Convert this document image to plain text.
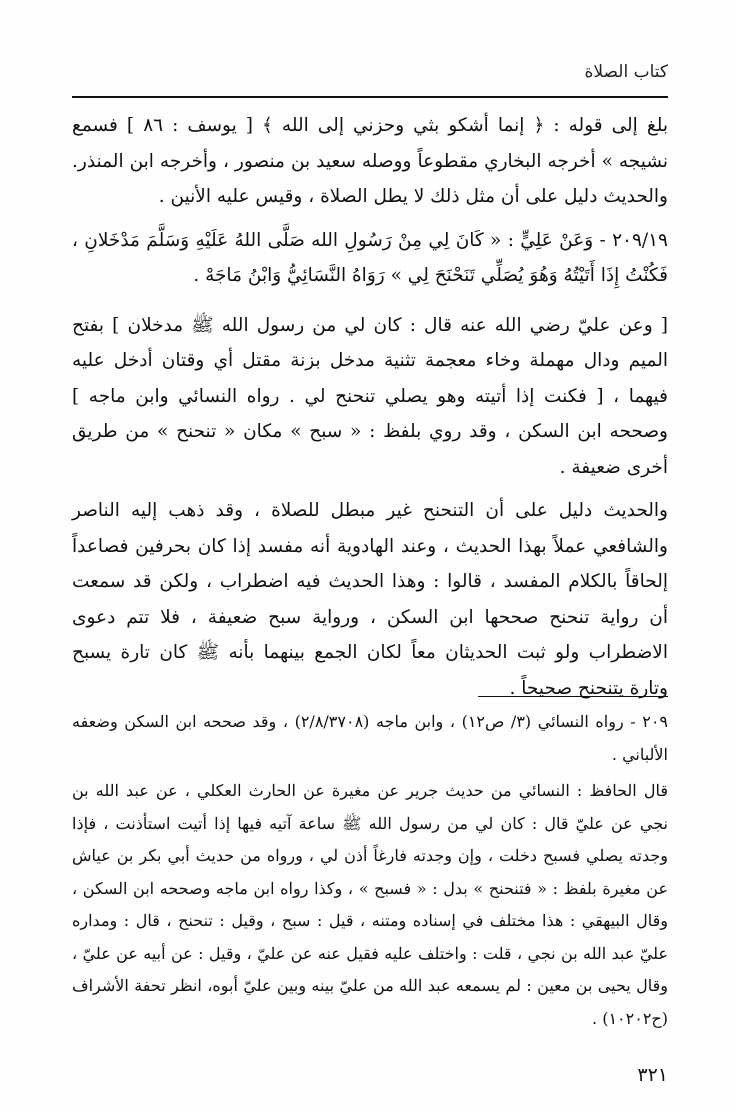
كتاب الصلاة

بلغ إلى قوله : ﴿ إنما أشكو بثي وحزني إلى الله ﴾ [ يوسف : ٨٦ ] فسمع نشيجه » أخرجه البخاري مقطوعاً ووصله سعيد بن منصور ، وأخرجه ابن المنذر. والحديث دليل على أن مثل ذلك لا يطل الصلاة ، وقيس عليه الأنين .

٢٠٩/١٩ - وَعَنْ عَلِيٍّ : « كَانَ لِي مِنْ رَسُولِ الله صَلَّى اللهُ عَلَيْهِ وَسَلَّمَ مَدْخَلانِ ، فَكُنْتُ إِذَا أَتَيْتُهُ وَهُوَ يُصَلِّي تَنَحْنَحَ لِي » رَوَاهُ النَّسَائِيُّ وَابْنُ مَاجَهْ .

[ وعن عليّ رضي الله عنه قال : كان لي من رسول الله ﷺ مدخلان ] بفتح الميم ودال مهملة وخاء معجمة تثنية مدخل بزنة مقتل أي وقتان أدخل عليه فيهما ، [ فكنت إذا أتيته وهو يصلي تنحنح لي . رواه النسائي وابن ماجه ] وصححه ابن السكن ، وقد روي بلفظ : « سبح » مكان « تنحنح » من طريق أخرى ضعيفة .

والحديث دليل على أن التنحنح غير مبطل للصلاة ، وقد ذهب إليه الناصر والشافعي عملاً بهذا الحديث ، وعند الهادوية أنه مفسد إذا كان بحرفين فصاعداً إلحاقاً بالكلام المفسد ، قالوا : وهذا الحديث فيه اضطراب ، ولكن قد سمعت أن رواية تنحنح صححها ابن السكن ، ورواية سبح ضعيفة ، فلا تتم دعوى الاضطراب ولو ثبت الحديثان معاً لكان الجمع بينهما بأنه ﷺ كان تارة يسبح وتارة يتنحنح صحيحاً .

٢٠٩ - رواه النسائي (٣/ ص١٢) ، وابن ماجه (٢/٨/٣٧٠٨) ، وقد صححه ابن السكن وضعفه الألباني .

قال الحافظ : النسائي من حديث جرير عن مغيرة عن الحارث العكلي ، عن عبد الله بن نجي عن عليّ قال : كان لي من رسول الله ﷺ ساعة آتيه فيها إذا أتيت استأذنت ، فإذا وجدته يصلي فسبح دخلت ، وإن وجدته فارغاً أذن لي ، ورواه من حديث أبي بكر بن عياش عن مغيرة بلفظ : « فتنحنح » بدل : « فسبح » ، وكذا رواه ابن ماجه وصححه ابن السكن ، وقال البيهقي : هذا مختلف في إسناده ومتنه ، قيل : سبح ، وقيل : تنحنح ، قال : ومداره عليّ عبد الله بن نجي ، قلت : واختلف عليه فقيل عنه عن عليّ ، وقيل : عن أبيه عن عليّ ، وقال يحيى بن معين : لم يسمعه عبد الله من عليّ بينه وبين عليّ أبوه، انظر تحفة الأشراف (ح١٠٢٠٢) .

٣٢١
